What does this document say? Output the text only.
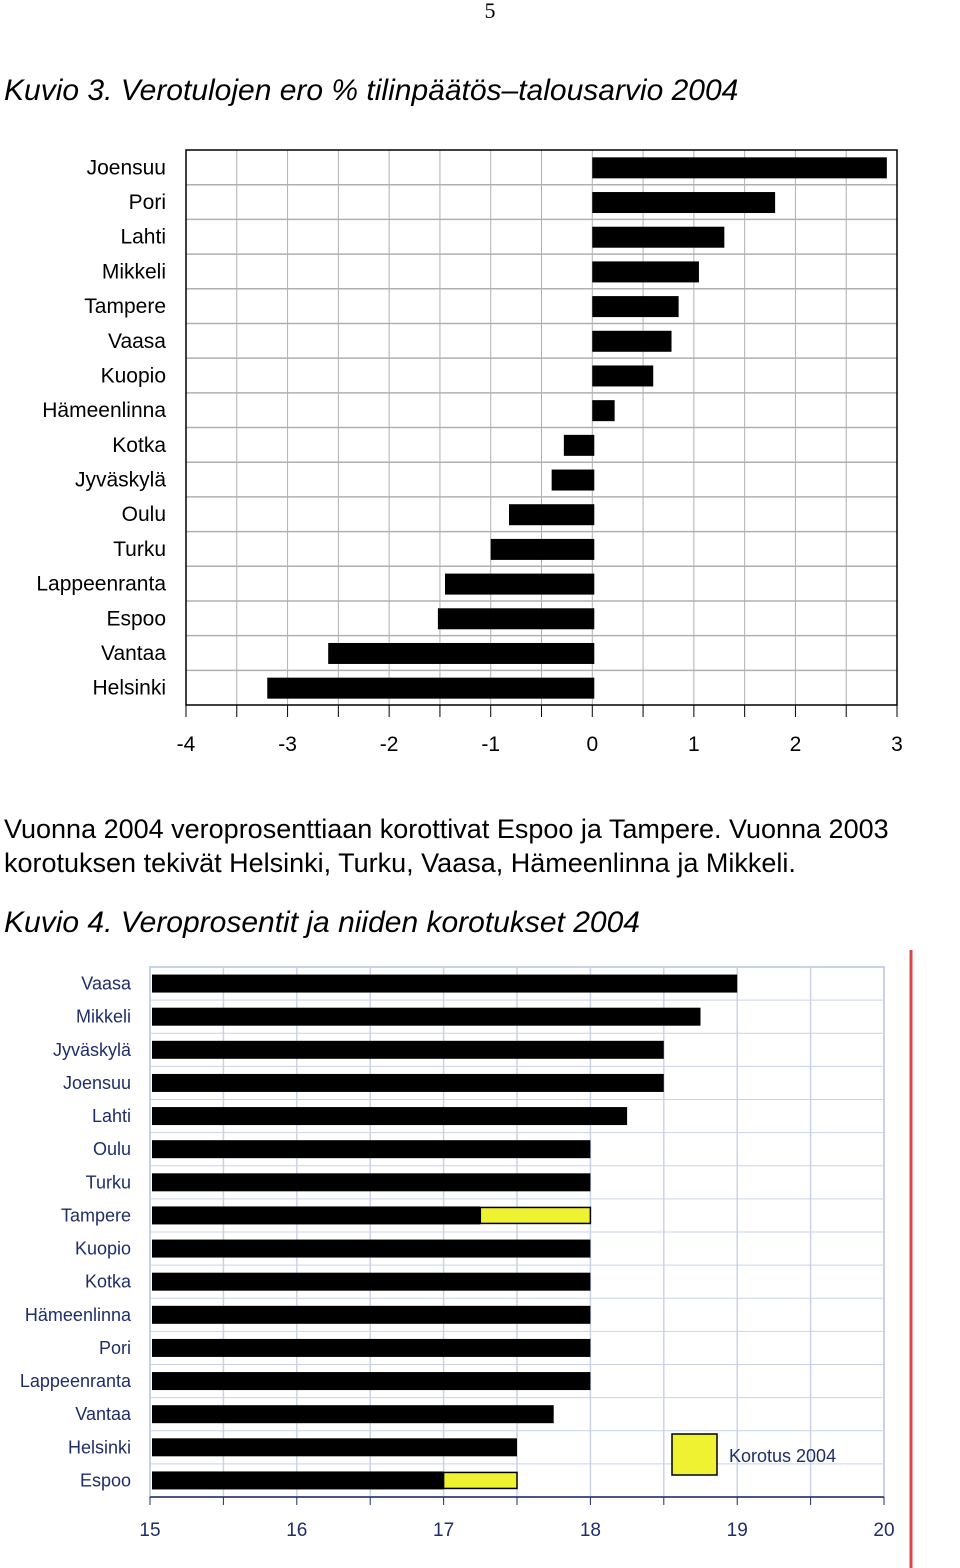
5
Kuvio 3. Verotulojen ero % tilinpäätös–talousarvio 2004
Joensuu
Pori
Lahti
Mikkeli
Tampere
Vaasa
Kuopio
Hämeenlinna
Kotka
Jyväskylä
Oulu
Turku
Lappeenranta
Espoo
Vantaa
Helsinki
-4	-3	-2	-1	0	1	2	3
Vuonna 2004 veroprosenttiaan korottivat Espoo ja Tampere. Vuonna 2003
korotuksen tekivät Helsinki, Turku, Vaasa, Hämeenlinna ja Mikkeli.
Kuvio 4. Veroprosentit ja niiden korotukset 2004
Vaasa
Mikkeli
Jyväskylä
Joensuu
Lahti
Oulu
Turku
Tampere
Kuopio
Kotka
Hämeenlinna
Pori
Lappeenranta
Vantaa
Helsinki
Espoo
15	16	17	18	19	20
Korotus 2004
